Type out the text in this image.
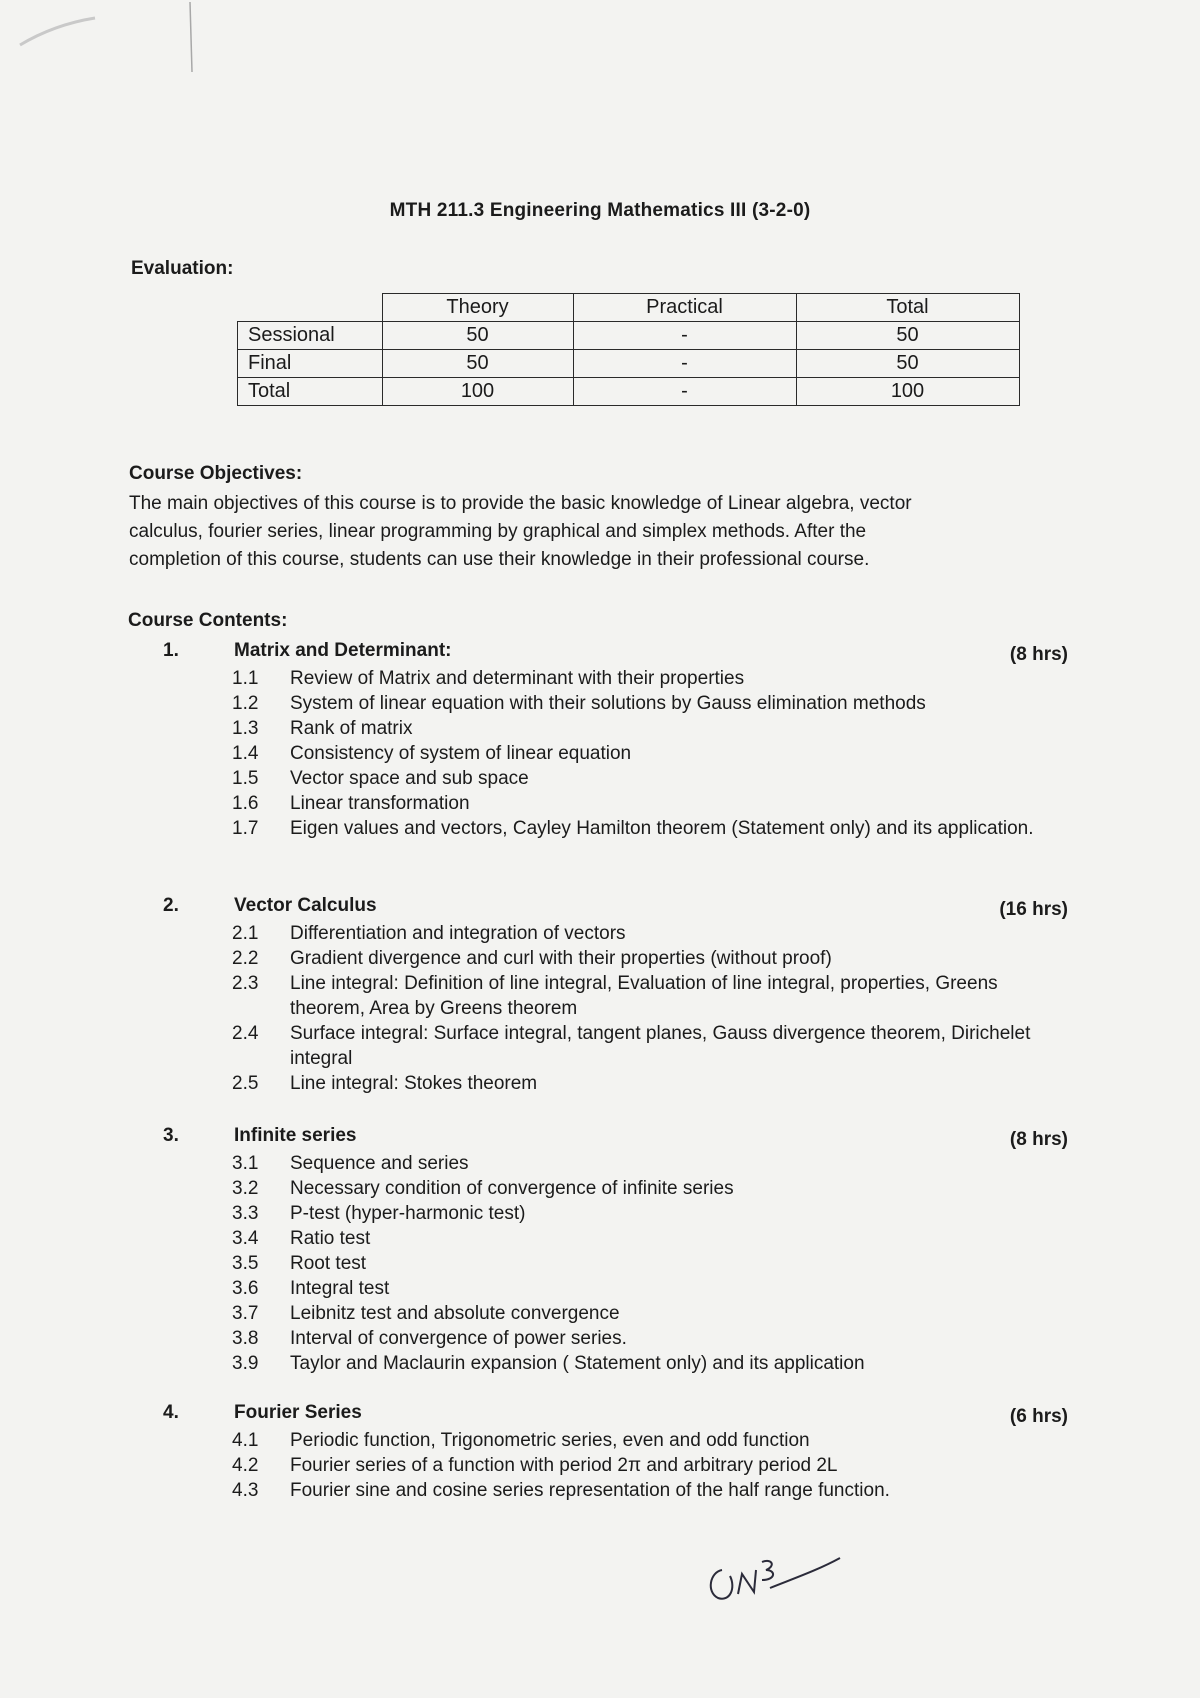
MTH 211.3 Engineering Mathematics III (3-2-0)
Evaluation:
	Theory	Practical	Total
Sessional	50	-	50
Final	50	-	50
Total	100	-	100
Course Objectives:
The main objectives of this course is to provide the basic knowledge of Linear algebra, vector
calculus, fourier series, linear programming by graphical and simplex methods. After the
completion of this course, students can use their knowledge in their professional course.
Course Contents:
1.	Matrix and Determinant:	(8 hrs)
1.1	Review of Matrix and determinant with their properties
1.2	System of linear equation with their solutions by Gauss elimination methods
1.3	Rank of matrix
1.4	Consistency of system of linear equation
1.5	Vector space and sub space
1.6	Linear transformation
1.7	Eigen values and vectors, Cayley Hamilton theorem (Statement only) and its application.
2.	Vector Calculus	(16 hrs)
2.1	Differentiation and integration of vectors
2.2	Gradient divergence and curl with their properties (without proof)
2.3	Line integral: Definition of line integral, Evaluation of line integral, properties, Greens theorem, Area by Greens theorem
2.4	Surface integral: Surface integral, tangent planes, Gauss divergence theorem, Dirichelet integral
2.5	Line integral: Stokes theorem
3.	Infinite series	(8 hrs)
3.1	Sequence and series
3.2	Necessary condition of convergence of infinite series
3.3	P-test (hyper-harmonic test)
3.4	Ratio test
3.5	Root test
3.6	Integral test
3.7	Leibnitz test and absolute convergence
3.8	Interval of convergence of power series.
3.9	Taylor and Maclaurin expansion ( Statement only) and its application
4.	Fourier Series	(6 hrs)
4.1	Periodic function, Trigonometric series, even and odd function
4.2	Fourier series of a function with period 2π and arbitrary period 2L
4.3	Fourier sine and cosine series representation of the half range function.
